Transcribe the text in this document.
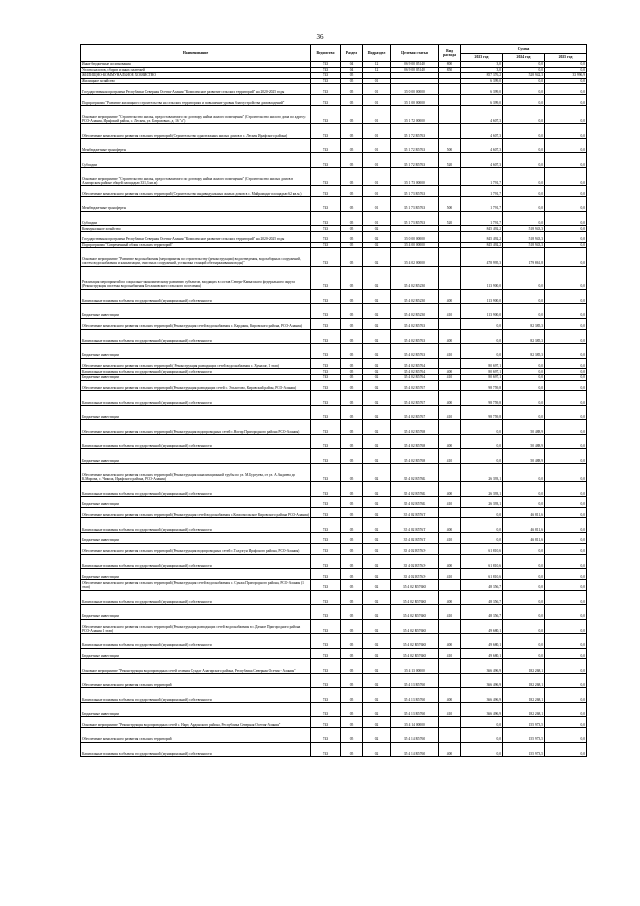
36
Наименование	Ведомство	Раздел	Подраздел	Целевая статья	Вид расхода	Сумма		
						2023 год	2024 год	2025 год
Иные бюджетные ассигнования	743	04	12	06 9 00 05140	800	3,0	0,0	0,0
Уплата налогов, сборов и иных платежей	743	04	12	06 9 00 05140	850	3,0	0,0	0,0
ЖИЛИЩНО-КОММУНАЛЬНОЕ ХОЗЯЙСТВО	743	05				857 376,2	528 942,3	33 996,9
Жилищное хозяйство	743	05	01			6 399,0	0,0	0,0
Государственная программа Республики Северная Осетия-Алания "Комплексное развитие сельских территорий" на 2020-2025 годы	743	05	01	35 0 00 00000		6 399,0	0,0	0,0
Подпрограмма "Развитие жилищного строительства на сельских территориях и повышение уровня благоустройства домовладений"	743	05	01	35 1 00 00000		6 399,0	0,0	0,0
Основное мероприятие "Строительство жилья, предоставляемого по договору найма жилого помещения" (Строительство жилого дома по адресу: РСО-Алания, Ирафский район, с. Лескен, ул. Батразовых, д. 16 "а")	743	05	01	35 1 72 00000		4 607,3	0,0	0,0
Обеспечение комплексного развития сельских территорий (Строительство одноэтажных жилых домов в с. Лескен Ирафского района)	743	05	01	35 1 72 R5763		4 607,3	0,0	0,0
Межбюджетные трансферты	743	05	01	35 1 72 R5763	500	4 607,3	0,0	0,0
Субсидии	743	05	01	35 1 72 R5763	520	4 607,3	0,0	0,0
Основное мероприятие "Строительство жилья, предоставляемого по договору найма жилого помещения" (Строительство жилых домов в Алагирском районе общей площадью 331,3 кв.м)	743	05	01	35 1 73 00000		1 791,7	0,0	0,0
Обеспечение комплексного развития сельских территорий (Строительство индивидуальных жилых домов в с. Майрамадаг площадью 62 кв.м.)	743	05	01	35 1 73 R5763		1 791,7	0,0	0,0
Межбюджетные трансферты	743	05	01	35 1 73 R5763	500	1 791,7	0,0	0,0
Субсидии	743	05	01	35 1 73 R5763	520	1 791,7	0,0	0,0
Коммунальное хозяйство	743	05	02			845 492,2	518 943,3	0,0
Государственная программа Республики Северная Осетия-Алания "Комплексное развитие сельских территорий" на 2020-2025 годы	743	05	02	35 0 00 00000		845 492,2	518 943,3	0,0
Подпрограмма "Современный облик сельских территорий"	743	05	02	35 4 00 00000		845 492,2	518 943,3	0,0
Основное мероприятие "Развитие водоснабжения (мероприятия по строительству (реконструкции) водоотведения, водозаборных сооружений, систем водоснабжения и канализации, очистных сооружений, установка станций обеззараживания воды)"	743	05	02	35 4 02 00000		478 995,3	179 861,8	0,0
Реализация мероприятий по социально-экономическому развитию субъектов, входящих в состав Северо-Кавказского федерального округа (Реконструкция системы водоснабжения Беслановского сельского поселения)	743	05	02	35 4 02 R5230		113 900,0	0,0	0,0
Капитальные вложения в объекты государственной (муниципальной) собственности	743	05	02	35 4 02 R5230	400	113 900,0	0,0	0,0
Бюджетные инвестиции	743	05	02	35 4 02 R5230	410	113 900,0	0,0	0,0
Обеспечение комплексного развития сельских территорий (Реконструкция сетей водоснабжения с. Карджин, Кировского района, РСО-Алания)	743	05	02	35 4 02 R5763		0,0	82 385,3	0,0
Капитальные вложения в объекты государственной (муниципальной) собственности	743	05	02	35 4 02 R5763	400	0,0	82 385,3	0,0
Бюджетные инвестиции	743	05	02	35 4 02 R5763	410	0,0	82 385,3	0,0
Обеспечение комплексного развития сельских территорий ( Реконструкция разводящих сетей водоснабжения с. Хумалаг, 1 этап)	743	05	02	35 4 02 R5764		80 697,1	0,0	0,0
Капитальные вложения в объекты государственной (муниципальной) собственности	743	05	02	35 4 02 R5764	400	80 697,1	0,0	0,0
Бюджетные инвестиции	743	05	02	35 4 02 R5764	410	80 697,1	0,0	0,0
Обеспечение комплексного развития сельских территорий (Реконструкция разводящих сетей с. Эльхотово, Кировский район, РСО-Алания)	743	05	02	35 4 02 R5767		98 759,8	0,0	0,0
Капитальные вложения в объекты государственной (муниципальной) собственности	743	05	02	35 4 02 R5767	400	98 759,8	0,0	0,0
Бюджетные инвестиции	743	05	02	35 4 02 R5767	410	98 759,8	0,0	0,0
Обеспечение комплексного развития сельских территорий (Реконструкция водопроводных сетей с.Ногир Пригородного района РСО-Алания)	743	05	02	35 4 02 R5768		0,0	50 488,9	0,0
Капитальные вложения в объекты государственной (муниципальной) собственности	743	05	02	35 4 02 R5768	400	0,0	50 488,9	0,0
Бюджетные инвестиции	743	05	02	35 4 02 R5768	410	0,0	50 488,9	0,0
Обеспечение комплексного развития сельских территорий (Реконструкция канализационной трубы по ул. М.Бургуева, от ул. А.Андиева до К.Мирова, с. Чикола, Ирафского района, РСО-Алания)	743	05	02	35 4 02 R576Б		26 393,1	0,0	0,0
Капитальные вложения в объекты государственной (муниципальной) собственности	743	05	02	35 4 02 R576Б	400	26 393,1	0,0	0,0
Бюджетные инвестиции	743	05	02	35 4 02 R576Б	410	26 393,1	0,0	0,0
Обеспечение комплексного развития сельских территорий (Реконструкция сетей водоснабжения с.Комсомольское Кировского района РСО-Алания)	743	05	02	35 4 02 R576Т		0,0	46 811,6	0,0
Капитальные вложения в объекты государственной (муниципальной) собственности	743	05	02	35 4 02 R576Т	400	0,0	46 811,6	0,0
Бюджетные инвестиции	743	05	02	35 4 02 R576Т	410	0,0	46 811,6	0,0
Обеспечение комплексного развития сельских территорий (Реконструкция водопроводных сетей с.Толдзгун Ирафского района, РСО-Алания)	743	05	02	35 4 02 R576Э		61 810,6	0,0	0,0
Капитальные вложения в объекты государственной (муниципальной) собственности	743	05	02	35 4 02 R576Э	400	61 810,6	0,0	0,0
Бюджетные инвестиции	743	05	02	35 4 02 R576Э	410	61 810,6	0,0	0,0
Обеспечение комплексного развития сельских территорий (Реконструкция сетей водоснабжения с. Сунжа Пригородного района, РСО-Алания (1 этап)	743	05	02	35 4 02 R576Ю		48 356,7	0,0	0,0
Капитальные вложения в объекты государственной (муниципальной) собственности	743	05	02	35 4 02 R576Ю	400	48 356,7	0,0	0,0
Бюджетные инвестиции	743	05	02	35 4 02 R576Ю	410	48 356,7	0,0	0,0
Обеспечение комплексного развития сельских территорий (Реконструкция разводящих сетей водоснабжения в с.Дачное Пригородного района РСО-Алания 1 этап)	743	05	02	35 4 02 R576Ю		49 680,1	0,0	0,0
Капитальные вложения в объекты государственной (муниципальной) собственности	743	05	02	35 4 02 R576Ю	400	49 680,1	0,0	0,0
Бюджетные инвестиции	743	05	02	35 4 02 R576Ю	410	49 680,1	0,0	0,0
Основное мероприятие "Реконструкция водопроводных сетей селения Суадаг Алагирского района, Республика Северная Осетия - Алания"	743	05	02	35 4 13 00000		366 496,9	182 268,1	0,0
Обеспечение комплексного развития сельских территорий	743	05	02	35 4 13 R5760		366 496,9	182 268,1	0,0
Капитальные вложения в объекты государственной (муниципальной) собственности	743	05	02	35 4 13 R5760	400	366 496,9	182 268,1	0,0
Бюджетные инвестиции	743	05	02	35 4 13 R5760	410	366 496,9	182 268,1	0,0
Основное мероприятие "Реконструкция водопроводных сетей с. Нарт, Ардонского района, Республика Северная Осетия-Алания"	743	05	02	35 4 14 00000		0,0	155 973,5	0,0
Обеспечение комплексного развития сельских территорий	743	05	02	35 4 14 R5760		0,0	155 973,5	0,0
Капитальные вложения в объекты государственной (муниципальной) собственности	743	05	02	35 4 14 R5760	400	0,0	155 973,5	0,0
